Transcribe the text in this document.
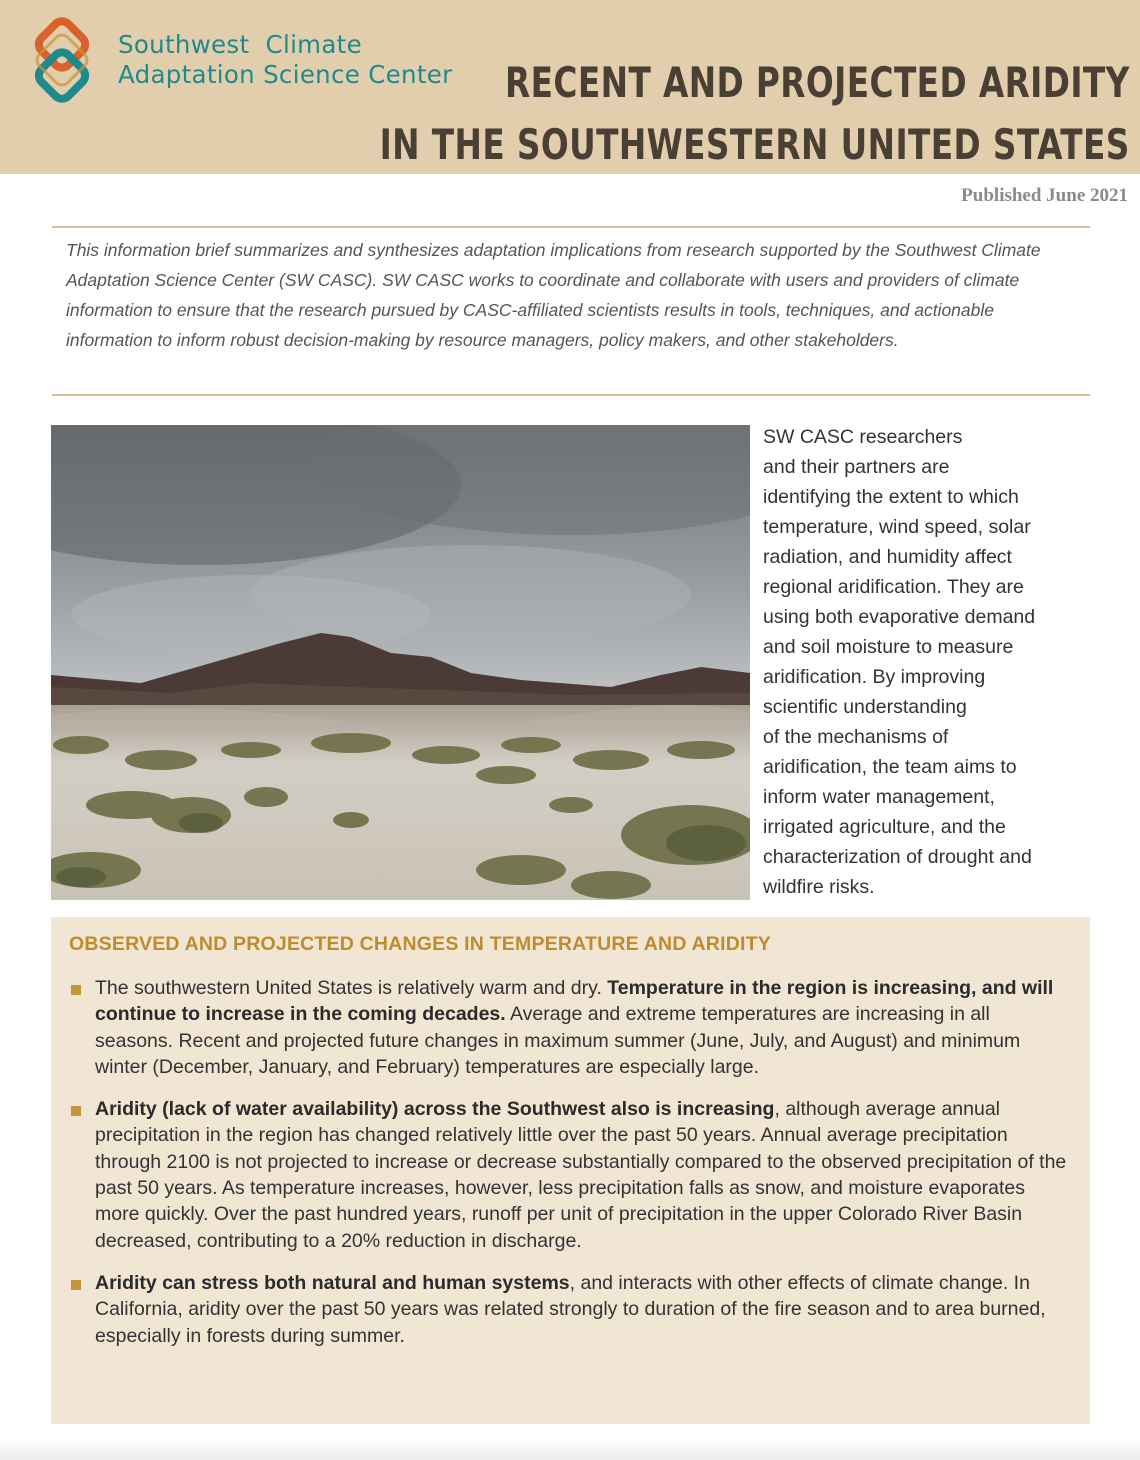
Southwest  Climate
Adaptation Science Center	RECENT AND PROJECTED ARIDITY
IN THE SOUTHWESTERN UNITED STATES
Published June 2021

This information brief summarizes and synthesizes adaptation implications from research supported by the Southwest Climate Adaptation Science Center (SW CASC). SW CASC works to coordinate and collaborate with users and providers of climate information to ensure that the research pursued by CASC-affiliated scientists results in tools, techniques, and actionable information to inform robust decision-making by resource managers, policy makers, and other stakeholders.

SW CASC researchers
and their partners are
identifying the extent to which
temperature, wind speed, solar
radiation, and humidity affect
regional aridification. They are
using both evaporative demand
and soil moisture to measure
aridification. By improving
scientific understanding
of the mechanisms of
aridification, the team aims to
inform water management,
irrigated agriculture, and the
characterization of drought and
wildfire risks.
OBSERVED AND PROJECTED CHANGES IN TEMPERATURE AND ARIDITY
The southwestern United States is relatively warm and dry. Temperature in the region is increasing, and will continue to increase in the coming decades. Average and extreme temperatures are increasing in all seasons. Recent and projected future changes in maximum summer (June, July, and August) and minimum winter (December, January, and February) temperatures are especially large.
Aridity (lack of water availability) across the Southwest also is increasing, although average annual precipitation in the region has changed relatively little over the past 50 years. Annual average precipitation through 2100 is not projected to increase or decrease substantially compared to the observed precipitation of the past 50 years. As temperature increases, however, less precipitation falls as snow, and moisture evaporates more quickly. Over the past hundred years, runoff per unit of precipitation in the upper Colorado River Basin decreased, contributing to a 20% reduction in discharge.
Aridity can stress both natural and human systems, and interacts with other effects of climate change. In California, aridity over the past 50 years was related strongly to duration of the fire season and to area burned, especially in forests during summer.
